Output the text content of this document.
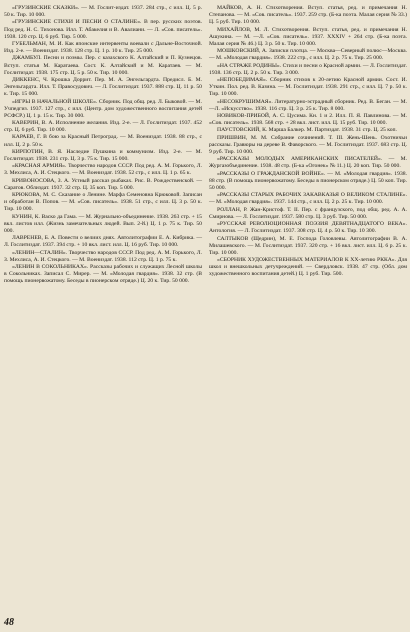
«ГРУЗИНСКИЕ СКАЗКИ». — М. Гослит-издат. 1937. 284 стр., с илл. Ц. 5 р. 50 к. Тир. 10 000.

«ГРУЗИНСКИЕ СТИХИ И ПЕСНИ О СТАЛИНЕ». В пер. русских поэтов. Под ред. Н. С. Тихонова. Илл. Т. Абакелия и В. Авалиани. — Л. «Сов. писатель». 1938. 120 стр. Ц. 6 руб. Тир. 5 000.

ГУБЕЛЬМАН, М. И. Как японские интервенты воевали с Дальне-Восточной. Изд. 2-е. — Воениздат. 1938. 128 стр. Ц. 1 р. 10 к. Тир. 25 000.

ДЖАМБУЛ. Песни и поэмы. Пер. с казахского К. Алтайский и П. Кузнецов. Вступ. статья М. Каратаева. Сост. К. Алтайский и М. Каратаев. — М. Гослитиздат. 1938. 175 стр. Ц. 5 р. 50 к. Тир. 10 000.

ДИККЕНС, Ч. Крошка Доррит. Пер. М. А. Энгельгардта. Предисл. Б. М. Энгельгардта. Илл. Т. Правосудович. — Л. Гослитиздат. 1937. 888 стр. Ц. 11 р. 50 к. Тир. 15 000.

«ИГРЫ В НАЧАЛЬНОЙ ШКОЛЕ». Сборник. Под общ. ред. Л. Быковой. — М. Учпедгиз. 1937. 127 стр., с илл. (Центр. дом художественного воспитания детей РСФСР.) Ц. 1 р. 15 к. Тир. 30 000.

КАВЕРИН, В. А. Исполнение желания. Изд. 2-е. — Л. Гослитиздат. 1937. 452 стр. Ц. 6 руб. Тир. 10 000.

КАРАЕВ, Г. В бою за Красный Петроград. — М. Воениздат. 1938. 88 стр., с илл. Ц. 2 р. 50 к.

КИРПОТИН, В. Я. Наследие Пушкина и коммунизм. Изд. 2-е. — М. Гослитиздат. 1938. 231 стр. Ц. 3 р. 75 к. Тир. 15 000.

«КРАСНАЯ АРМИЯ». Творчество народов СССР. Под ред. А. М. Горького, Л. З. Мехлиса, А. И. Стецкого. — М. Воениздат. 1938. 52 стр., с илл. Ц. 1 р. 65 к.

КРИВОНОСОВА, З. А. Устный рассказ рыбаках. Рис. В. Рождественской. — Саратов. Облиздат. 1937. 32 стр. Ц. 35 коп. Тир. 5 000.

КРЮКОВА, М. С. Сказание о Ленине. Марфа Семеновна Крюковой. Записан и обработан В. Попов. — М. «Сов. писатель». 1938. 51 стр., с илл. Ц. 3 р. 50 к. Тир. 10 000.

КУНИН, К. Васко да Гама. — М. Журнально-объединение. 1938. 263 стр. + 15 вкл. листов илл. (Жизнь замечательных людей. Вып. 2-й.) Ц. 1 р. 75 к. Тир. 50 000.

ЛАВРЕНЕВ, Б. А. Повести о велиих днях. Автолитографии Е. А. Кибрика. — Л. Гослитиздат. 1937. 394 стр. + 10 вкл. лист. илл. Ц. 16 руб. Тир. 10 000.

«ЛЕНИН—СТАЛИН». Творчество народов СССР. Под ред. А. М. Горького, Л. З. Мехлиса, А. И. Стецкого. — М. Воениздат. 1938. 112 стр. Ц. 1 р. 75 к.

«ЛЕНИН В СОКОЛЬНИКАХ». Рассказы рабочих и служащих Лесной школы в Сокольниках. Записал С. Мирер. — М. «Молодая гвардия». 1938. 32 стр. (В помощь пионервожатому. Беседы в пионерском отряде.) Ц. 20 к. Тир. 50 000.

МАЙКОВ, А. Н. Стихотворения. Вступ. статья, ред. и примечания Н. Степанова. — М. «Сов. писатель». 1937. 259 стр. (Б-ка поэта. Малая серия № 33.) Ц. 5 руб. Тир. 10 000.

МИХАЙЛОВ, М. Л. Стихотворения. Вступ. статья, ред. и примечания Н. Ашукина. — М. —Л. «Сов. писатель». 1937. XXXIV + 264 стр. (Б-ка поэта. Малая серия № 46.) Ц. 3 р. 50 к. Тир. 10 000.

МОШКОВСКИЙ, А. Записки плотца. — Москва—Северный полюс—Москва. — М. «Молодая гвардия». 1938. 222 стр., с илл. Ц. 2 р. 75 к. Тир. 25 000.

«НА СТРАЖЕ РОДИНЫ». Стихи и песни о Красной армии. — Л. Гослитиздат. 1938. 136 стр. Ц. 2 р. 50 к. Тир. 3 000.

«НЕПОБЕДИМАЯ». Сборник стихов к 20-летию Красной армии. Сост. И. Уткин. Пол. ред. В. Казина. — М. Гослитиздат. 1938. 291 стр., с илл. Ц. 7 р. 50 к. Тир. 10 000.

«НЕСОКРУШИМАЯ». Литературно-эстрадный сборник. Ред. В. Беган. — М. —Л. «Искусство». 1938. 116 стр. Ц. 3 р. 25 к. Тир. 8 000.

НОВИКОВ-ПРИБОЙ, А. С. Цусима. Кн. 1 и 2. Илл. П. Я. Павлинова. — М. «Сов. писатель». 1938. 568 стр. + 28 вкл. лист. илл. Ц. 15 руб. Тир. 10 000.

ПАУСТОВСКИЙ, К. Марша Балкер. М. Партиздат. 1938. 31 стр. Ц. 25 коп.

ПРИШВИН, М. М. Собрание сочинений. Т. III. Жень-Шень. Охотничьи рассказы. Гравюры на дереве В. Фаворского. — М. Гослитиздат. 1937. 683 стр. Ц. 9 руб. Тир. 10 000.

«РАССКАЗЫ МОЛОДЫХ АМЕРИКАНСКИХ ПИСАТЕЛЕЙ». — М. Жургазобъединение. 1938. 48 стр. (Б-ка «Огонек» № 11.) Ц. 20 коп. Тир. 50 000.

«РАССКАЗЫ О ГРАЖДАНСКОЙ ВОЙНЕ». — М. «Молодая гвардия». 1938. 88 стр. (В помощь пионервожатому. Беседы в пионерском отряде.) Ц. 50 коп. Тир. 50 000.

«РАССКАЗЫ СТАРЫХ РАБОЧИХ ЗАКАВКАЗЬЯ О ВЕЛИКОМ СТАЛИНЕ». — М. «Молодая гвардия». 1937. 144 стр., с илл. Ц. 2 р. 25 к. Тир. 10 000.

РОЛЛАН, Р. Жан-Кристоф. Т. II. Пер. с французского, под общ. ред. А. А. Смирнова. — Л. Гослитиздат. 1937. 580 стр. Ц. 3 руб. Тир. 50 000.

«РУССКАЯ РЕВОЛЮЦИОННАЯ ПОЭЗИЯ ДЕВЯТНАДЦАТОГО ВЕКА». Антология. — Л. Гослитиздат. 1937. 308 стр. Ц. 4 р. 50 к. Тир. 10 300.

САЛТЫКОВ (Щедрин), М. Е. Господа Головлевы. Автолитографии В. А. Милашевского. — М. Гослитиздат. 1937. 320 стр. + 16 вкл. лист. илл. Ц. 6 р. 25 к. Тир. 10 000.

«СБОРНИК ХУДОЖЕСТВЕННЫХ МАТЕРИАЛОВ К XX-летию РККА». Для школ и внешкольных детучреждений. — Свердловск. 1938. 47 стр. (Обл. дом художественного воспитания детей.) Ц. 1 руб. Тир. 500.

48
